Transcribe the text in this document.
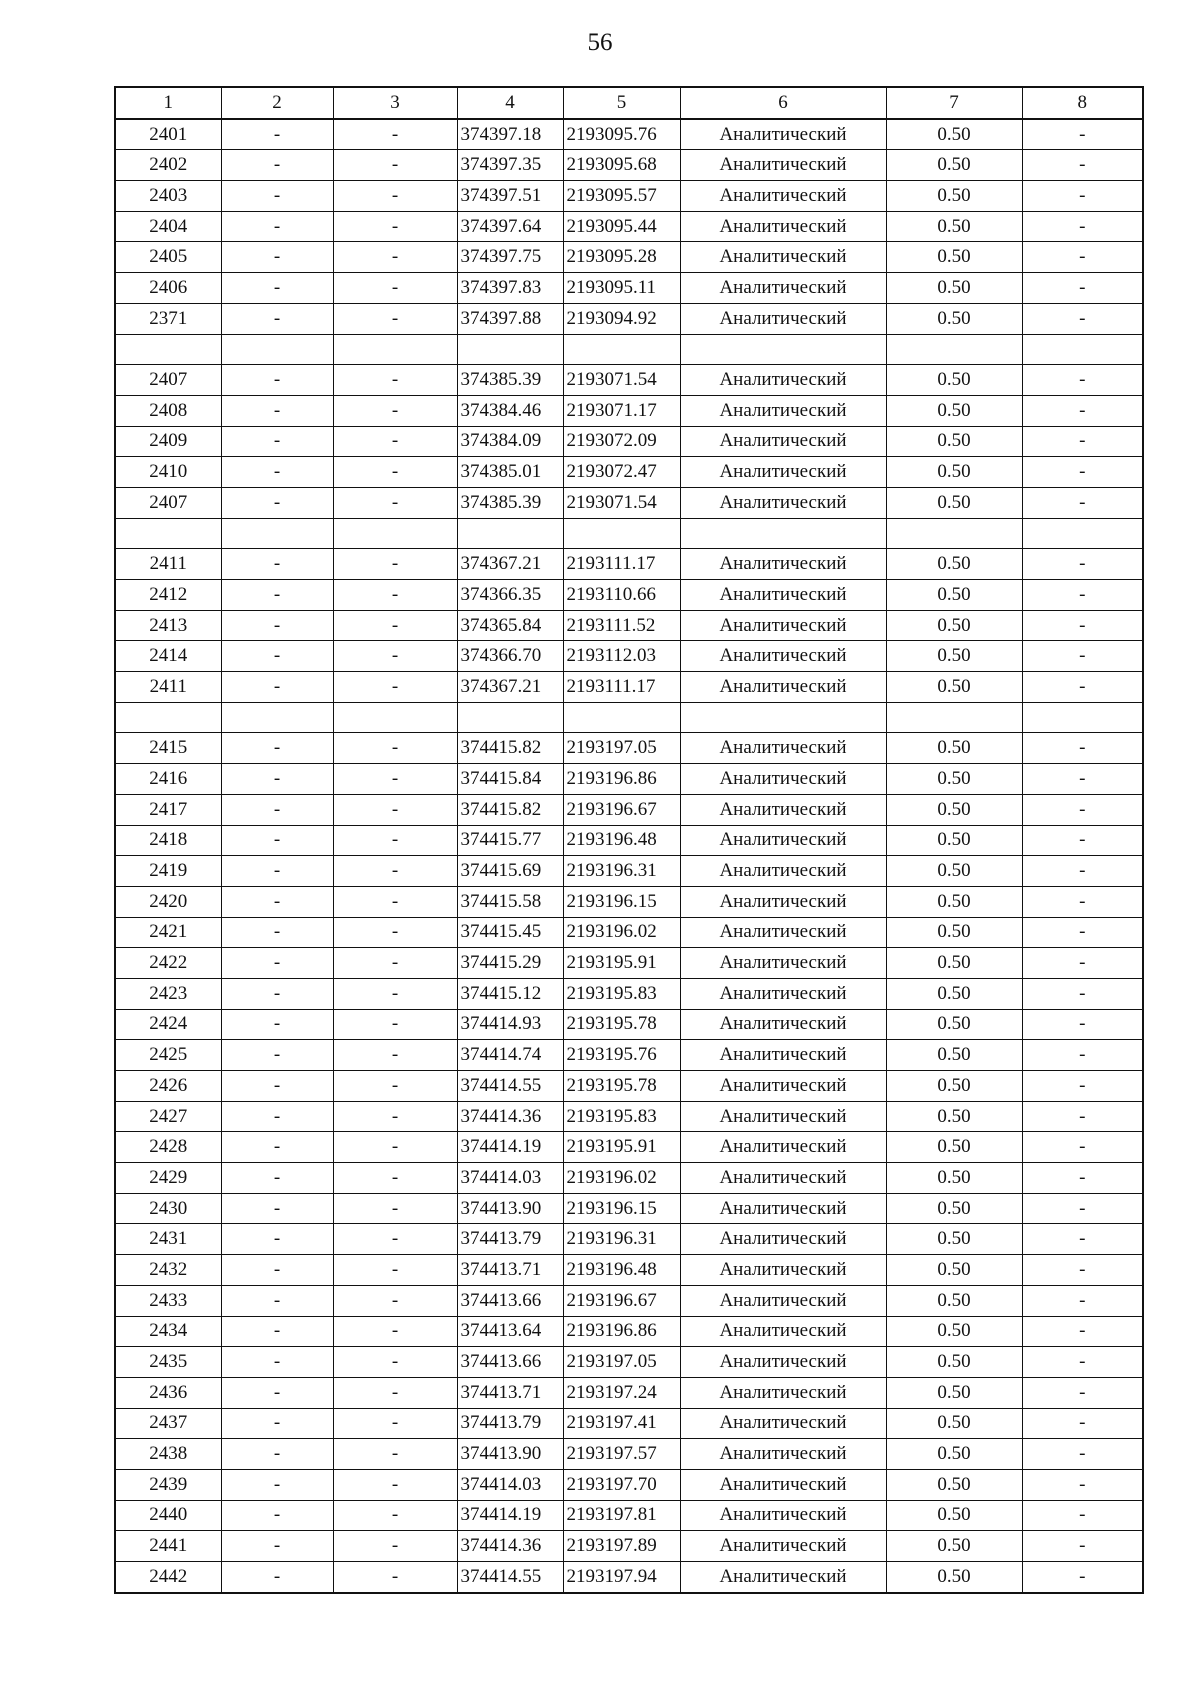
56
1	2	3	4	5	6	7	8
2401	-	-	374397.18	2193095.76	Аналитический	0.50	-
2402	-	-	374397.35	2193095.68	Аналитический	0.50	-
2403	-	-	374397.51	2193095.57	Аналитический	0.50	-
2404	-	-	374397.64	2193095.44	Аналитический	0.50	-
2405	-	-	374397.75	2193095.28	Аналитический	0.50	-
2406	-	-	374397.83	2193095.11	Аналитический	0.50	-
2371	-	-	374397.88	2193094.92	Аналитический	0.50	-

2407	-	-	374385.39	2193071.54	Аналитический	0.50	-
2408	-	-	374384.46	2193071.17	Аналитический	0.50	-
2409	-	-	374384.09	2193072.09	Аналитический	0.50	-
2410	-	-	374385.01	2193072.47	Аналитический	0.50	-
2407	-	-	374385.39	2193071.54	Аналитический	0.50	-

2411	-	-	374367.21	2193111.17	Аналитический	0.50	-
2412	-	-	374366.35	2193110.66	Аналитический	0.50	-
2413	-	-	374365.84	2193111.52	Аналитический	0.50	-
2414	-	-	374366.70	2193112.03	Аналитический	0.50	-
2411	-	-	374367.21	2193111.17	Аналитический	0.50	-

2415	-	-	374415.82	2193197.05	Аналитический	0.50	-
2416	-	-	374415.84	2193196.86	Аналитический	0.50	-
2417	-	-	374415.82	2193196.67	Аналитический	0.50	-
2418	-	-	374415.77	2193196.48	Аналитический	0.50	-
2419	-	-	374415.69	2193196.31	Аналитический	0.50	-
2420	-	-	374415.58	2193196.15	Аналитический	0.50	-
2421	-	-	374415.45	2193196.02	Аналитический	0.50	-
2422	-	-	374415.29	2193195.91	Аналитический	0.50	-
2423	-	-	374415.12	2193195.83	Аналитический	0.50	-
2424	-	-	374414.93	2193195.78	Аналитический	0.50	-
2425	-	-	374414.74	2193195.76	Аналитический	0.50	-
2426	-	-	374414.55	2193195.78	Аналитический	0.50	-
2427	-	-	374414.36	2193195.83	Аналитический	0.50	-
2428	-	-	374414.19	2193195.91	Аналитический	0.50	-
2429	-	-	374414.03	2193196.02	Аналитический	0.50	-
2430	-	-	374413.90	2193196.15	Аналитический	0.50	-
2431	-	-	374413.79	2193196.31	Аналитический	0.50	-
2432	-	-	374413.71	2193196.48	Аналитический	0.50	-
2433	-	-	374413.66	2193196.67	Аналитический	0.50	-
2434	-	-	374413.64	2193196.86	Аналитический	0.50	-
2435	-	-	374413.66	2193197.05	Аналитический	0.50	-
2436	-	-	374413.71	2193197.24	Аналитический	0.50	-
2437	-	-	374413.79	2193197.41	Аналитический	0.50	-
2438	-	-	374413.90	2193197.57	Аналитический	0.50	-
2439	-	-	374414.03	2193197.70	Аналитический	0.50	-
2440	-	-	374414.19	2193197.81	Аналитический	0.50	-
2441	-	-	374414.36	2193197.89	Аналитический	0.50	-
2442	-	-	374414.55	2193197.94	Аналитический	0.50	-
